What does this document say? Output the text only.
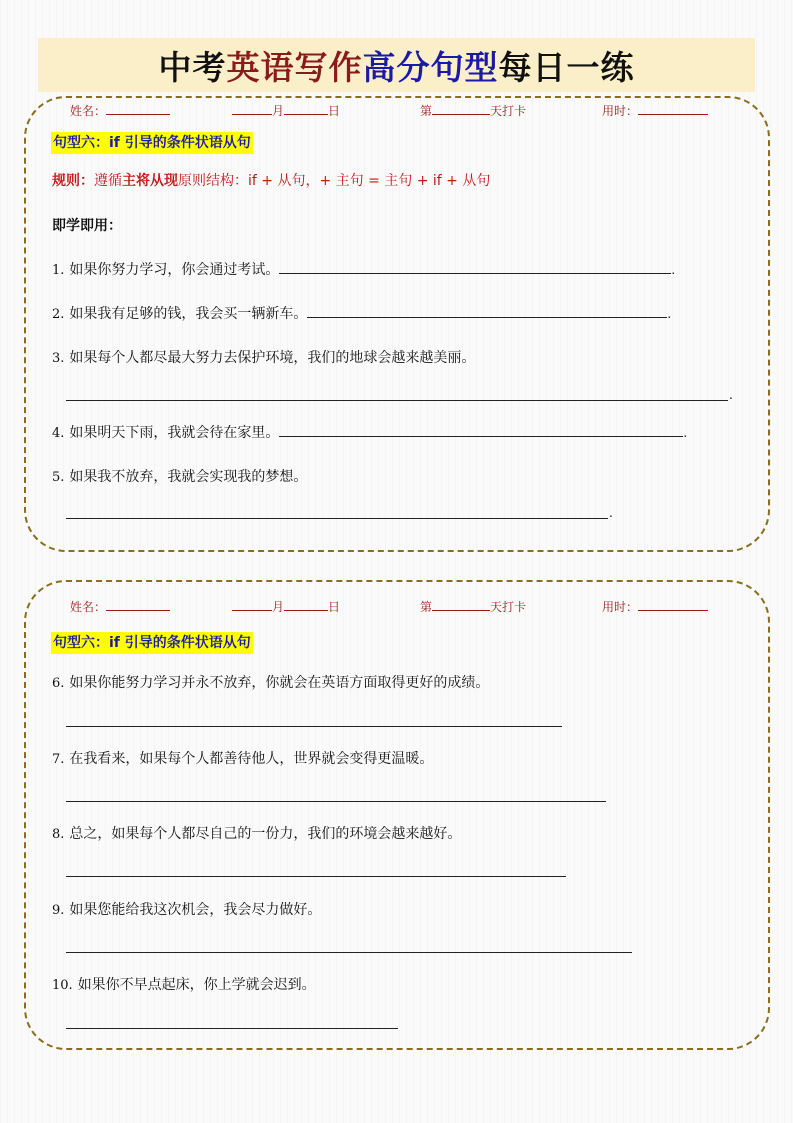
中考 英语写作 高分句型 每日一练
姓名：	月	日	第	天打卡	用时：
句型六：if 引导的条件状语从句
规则：遵循主将从现原则结构：if + 从句，+ 主句 = 主句 + if + 从句
即学即用：
1. 如果你努力学习，你会通过考试。	.
2. 如果我有足够的钱，我会买一辆新车。	.
3. 如果每个人都尽最大努力去保护环境，我们的地球会越来越美丽。
.
4. 如果明天下雨，我就会待在家里。	.
5. 如果我不放弃，我就会实现我的梦想。
.
姓名：	月	日	第	天打卡	用时：
句型六：if 引导的条件状语从句
6. 如果你能努力学习并永不放弃，你就会在英语方面取得更好的成绩。
7. 在我看来，如果每个人都善待他人，世界就会变得更温暖。
8. 总之，如果每个人都尽自己的一份力，我们的环境会越来越好。
9. 如果您能给我这次机会，我会尽力做好。
10. 如果你不早点起床，你上学就会迟到。
